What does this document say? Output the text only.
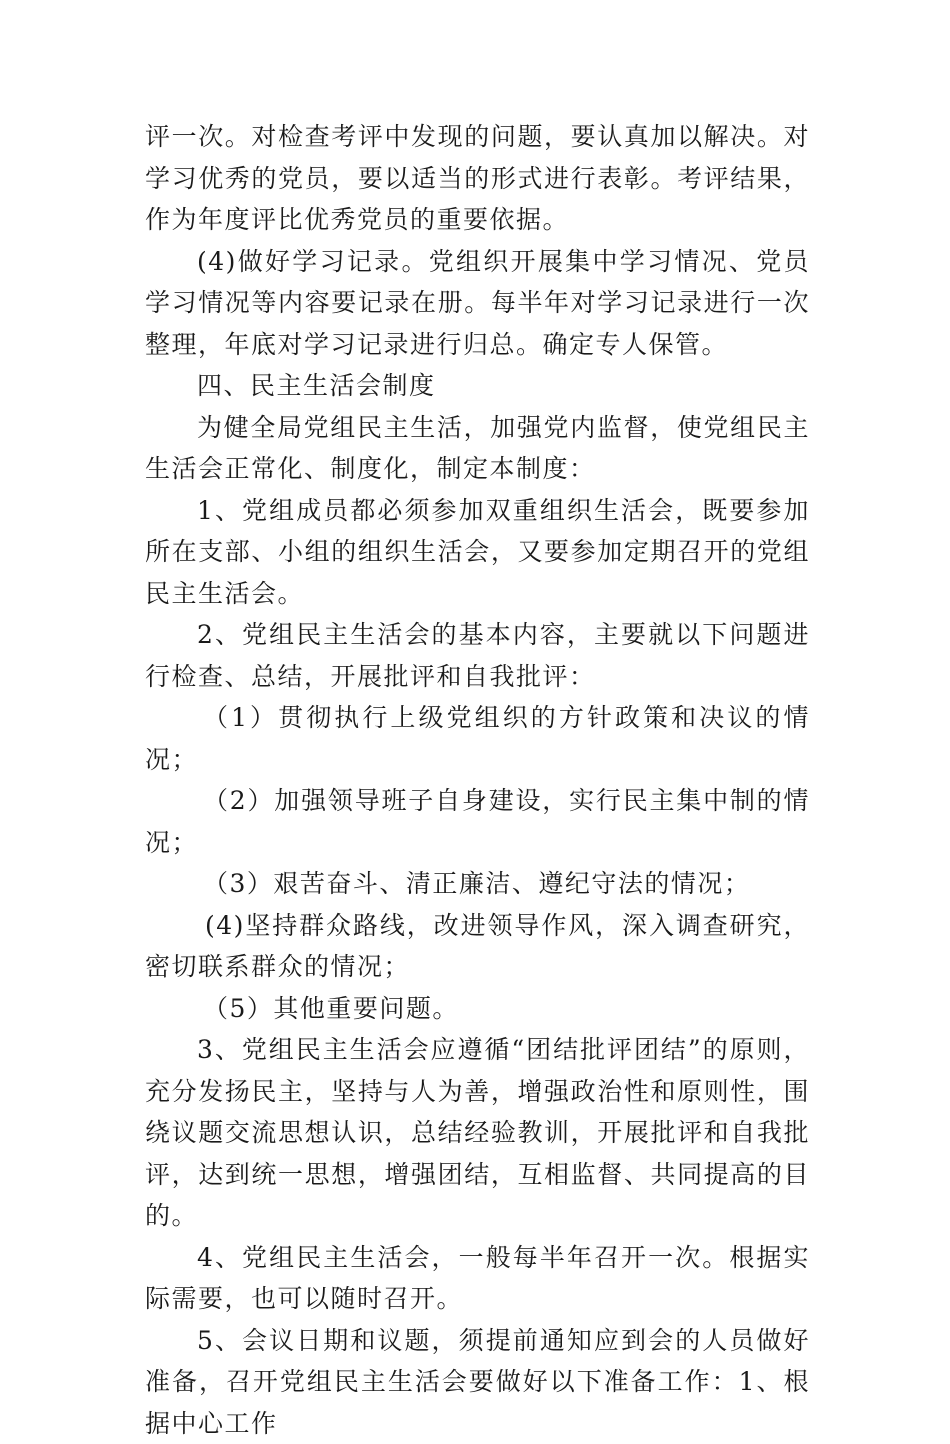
评一次。对检查考评中发现的问题，要认真加以解决。对学习优秀的党员，要以适当的形式进行表彰。考评结果，作为年度评比优秀党员的重要依据。

(4)做好学习记录。党组织开展集中学习情况、党员学习情况等内容要记录在册。每半年对学习记录进行一次整理，年底对学习记录进行归总。确定专人保管。

四、民主生活会制度

为健全局党组民主生活，加强党内监督，使党组民主生活会正常化、制度化，制定本制度：

1、党组成员都必须参加双重组织生活会，既要参加所在支部、小组的组织生活会，又要参加定期召开的党组民主生活会。

2、党组民主生活会的基本内容，主要就以下问题进行检查、总结，开展批评和自我批评：

（1）贯彻执行上级党组织的方针政策和决议的情况；

（2）加强领导班子自身建设，实行民主集中制的情况；

（3）艰苦奋斗、清正廉洁、遵纪守法的情况；

(4)坚持群众路线，改进领导作风，深入调查研究，密切联系群众的情况；

（5）其他重要问题。

3、党组民主生活会应遵循“团结批评团结”的原则，充分发扬民主，坚持与人为善，增强政治性和原则性，围绕议题交流思想认识，总结经验教训，开展批评和自我批评，达到统一思想，增强团结，互相监督、共同提高的目的。

4、党组民主生活会，一般每半年召开一次。根据实际需要，也可以随时召开。

5、会议日期和议题，须提前通知应到会的人员做好准备，召开党组民主生活会要做好以下准备工作：1、根据中心工作
